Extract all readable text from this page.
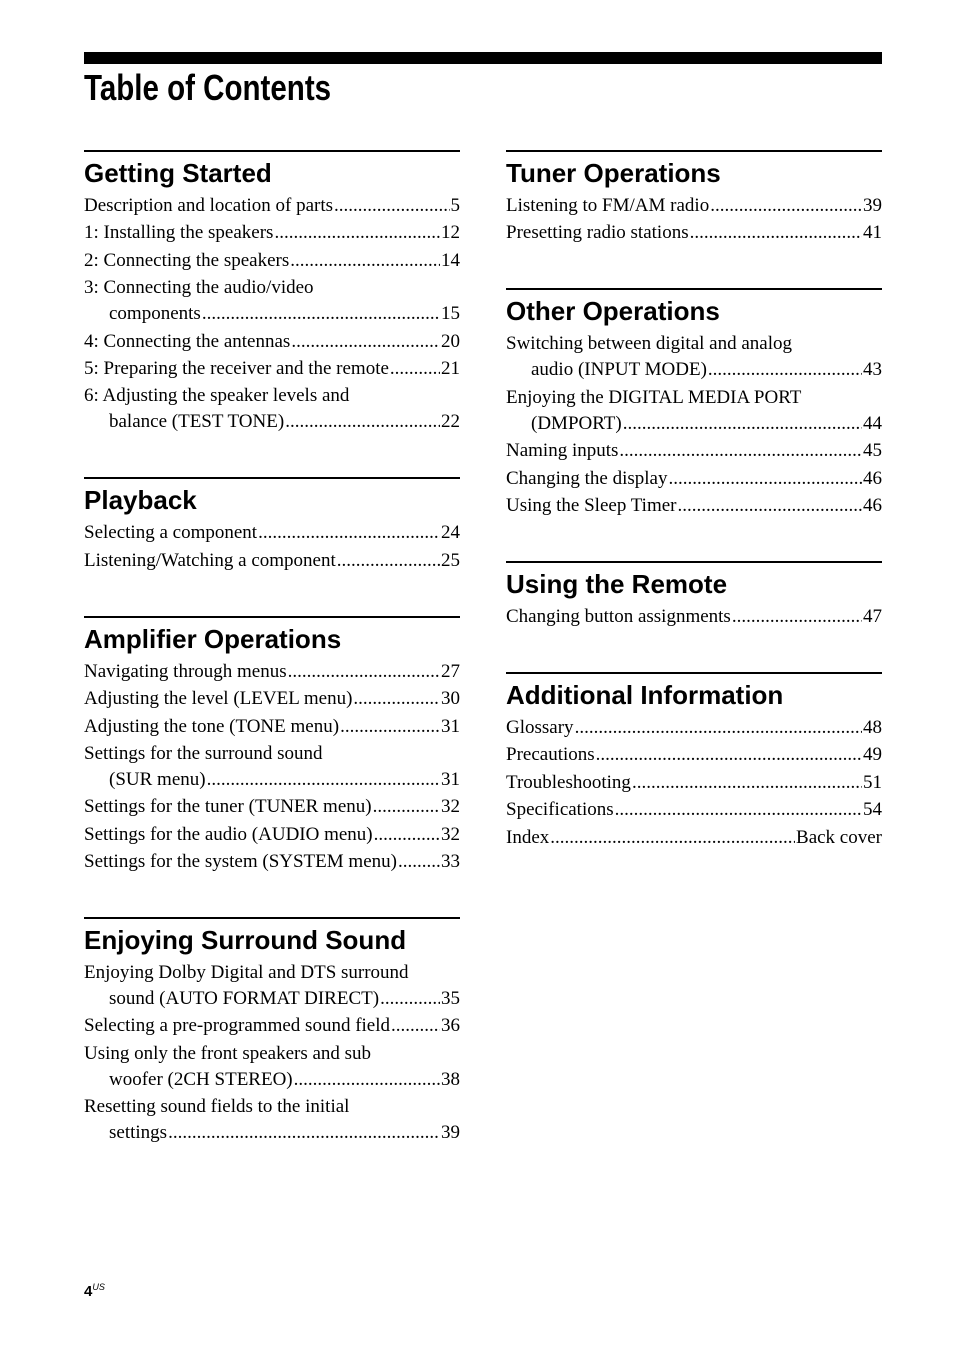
Table of Contents
Getting Started
Description and location of parts .....	5
1: Installing the speakers .....	12
2: Connecting the speakers .....	14
3: Connecting the audio/video
components .....	15
4: Connecting the antennas .....	20
5: Preparing the receiver and the remote .....	21
6: Adjusting the speaker levels and
balance (TEST TONE) .....	22
Playback
Selecting a component .....	24
Listening/Watching a component .....	25
Amplifier Operations
Navigating through menus .....	27
Adjusting the level (LEVEL menu) .....	30
Adjusting the tone (TONE menu) .....	31
Settings for the surround sound
(SUR menu) .....	31
Settings for the tuner (TUNER menu) .....	32
Settings for the audio (AUDIO menu) .....	32
Settings for the system (SYSTEM menu) ..... 33
Enjoying Surround Sound
Enjoying Dolby Digital and DTS surround
sound (AUTO FORMAT DIRECT) .....	35
Selecting a pre-programmed sound field .....	36
Using only the front speakers and sub
woofer (2CH STEREO) .....	38
Resetting sound fields to the initial
settings .....	39
Tuner Operations
Listening to FM/AM radio .....	39
Presetting radio stations .....	41
Other Operations
Switching between digital and analog
audio (INPUT MODE) .....	43
Enjoying the DIGITAL MEDIA PORT
(DMPORT) .....	44
Naming inputs .....	45
Changing the display .....	46
Using the Sleep Timer .....	46
Using the Remote
Changing button assignments .....	47
Additional Information
Glossary .....	48
Precautions .....	49
Troubleshooting .....	51
Specifications .....	54
Index .....	Back cover
$4^{US}$
